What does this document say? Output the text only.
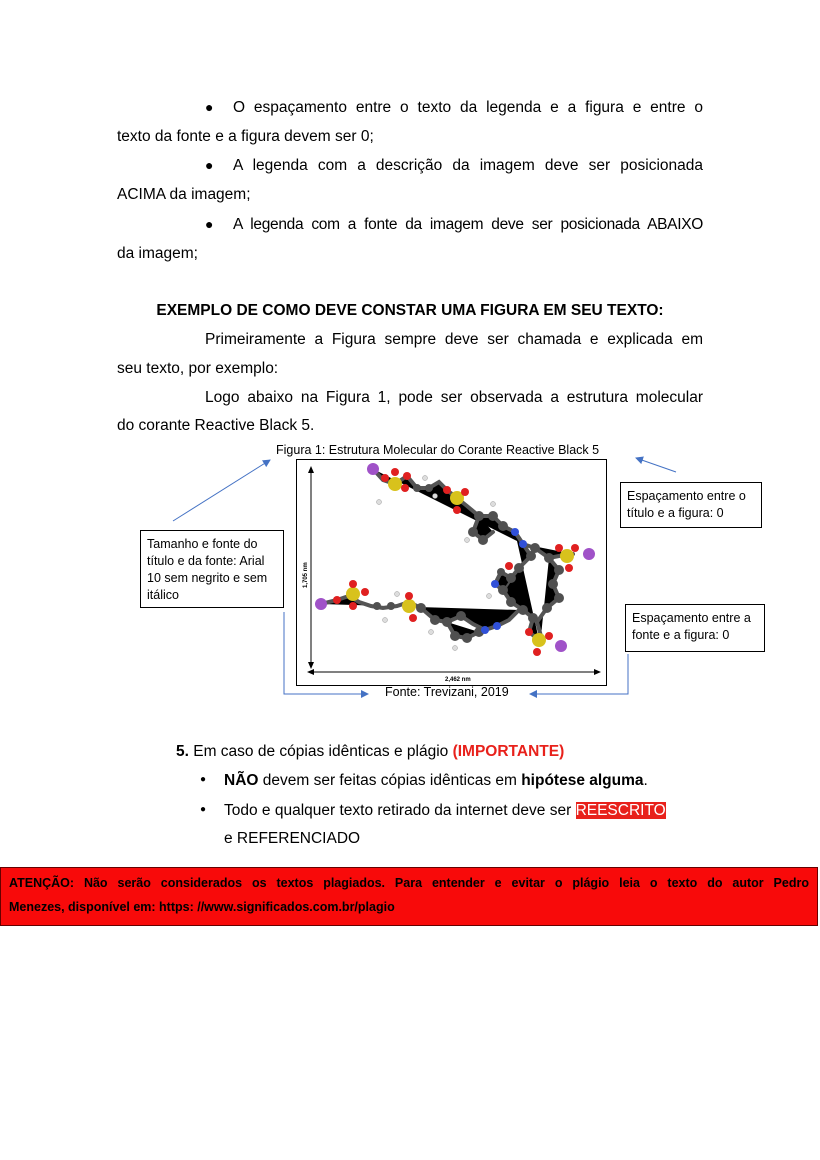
● O espaçamento entre o texto da legenda e a figura e entre o
texto da fonte e a figura devem ser 0;
● A legenda com a descrição da imagem deve ser posicionada
ACIMA da imagem;
● A legenda com a fonte da imagem deve ser posicionada ABAIXO
da imagem;
EXEMPLO DE COMO DEVE CONSTAR UMA FIGURA EM SEU TEXTO:
Primeiramente a Figura sempre deve ser chamada e explicada em
seu texto, por exemplo:
Logo abaixo na Figura 1, pode ser observada a estrutura molecular
do corante Reactive Black 5.
Figura 1: Estrutura Molecular do Corante Reactive Black 5
1,705 nm
2,462 nm
Fonte: Trevizani, 2019
Tamanho e fonte do título e da fonte: Arial 10 sem negrito e sem itálico
Espaçamento entre o título e a figura: 0
Espaçamento entre a fonte e a figura: 0
5. Em caso de cópias idênticas e plágio (IMPORTANTE)
● NÃO devem ser feitas cópias idênticas em hipótese alguma.
● Todo e qualquer texto retirado da internet deve ser REESCRITO
e REFERENCIADO
ATENÇÃO: Não serão considerados os textos plagiados. Para entender e evitar o plágio leia o texto do autor Pedro
Menezes, disponível em: https: //www.significados.com.br/plagio
